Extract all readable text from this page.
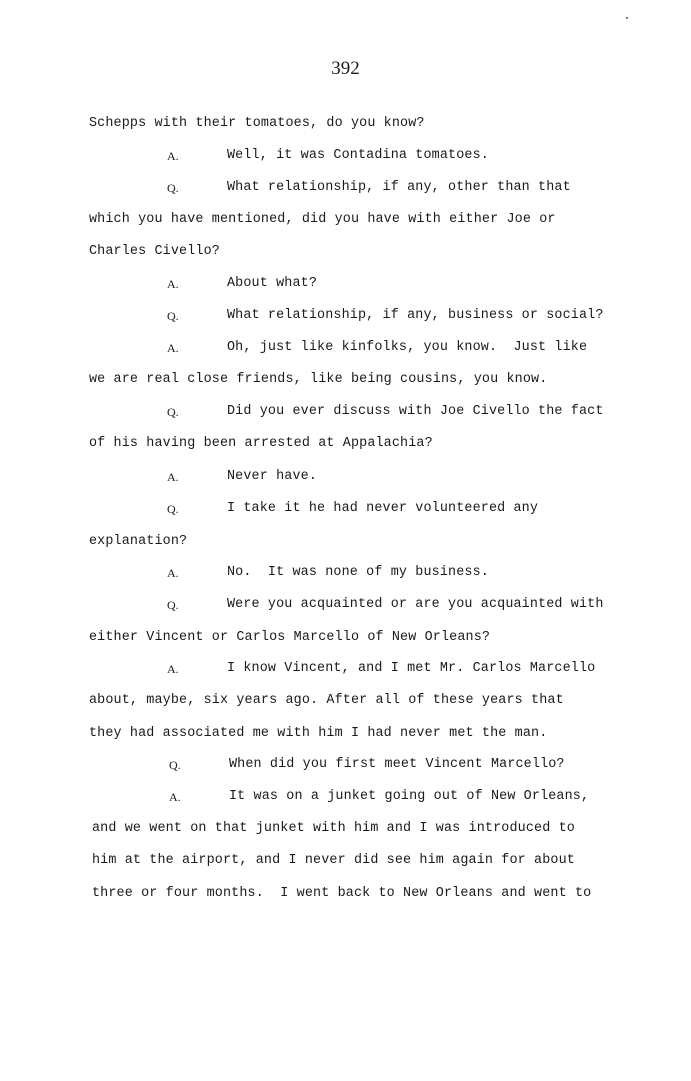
392
Schepps with their tomatoes, do you know?
A.	Well, it was Contadina tomatoes.
Q.	What relationship, if any, other than that
which you have mentioned, did you have with either Joe or
Charles Civello?
A.	About what?
Q.	What relationship, if any, business or social?
A.	Oh, just like kinfolks, you know.  Just like
we are real close friends, like being cousins, you know.
Q.	Did you ever discuss with Joe Civello the fact
of his having been arrested at Appalachia?
A.	Never have.
Q.	I take it he had never volunteered any
explanation?
A.	No.  It was none of my business.
Q.	Were you acquainted or are you acquainted with
either Vincent or Carlos Marcello of New Orleans?
A.	I know Vincent, and I met Mr. Carlos Marcello
about, maybe, six years ago. After all of these years that
they had associated me with him I had never met the man.
Q.	When did you first meet Vincent Marcello?
A.	It was on a junket going out of New Orleans,
and we went on that junket with him and I was introduced to
him at the airport, and I never did see him again for about
three or four months.  I went back to New Orleans and went to
